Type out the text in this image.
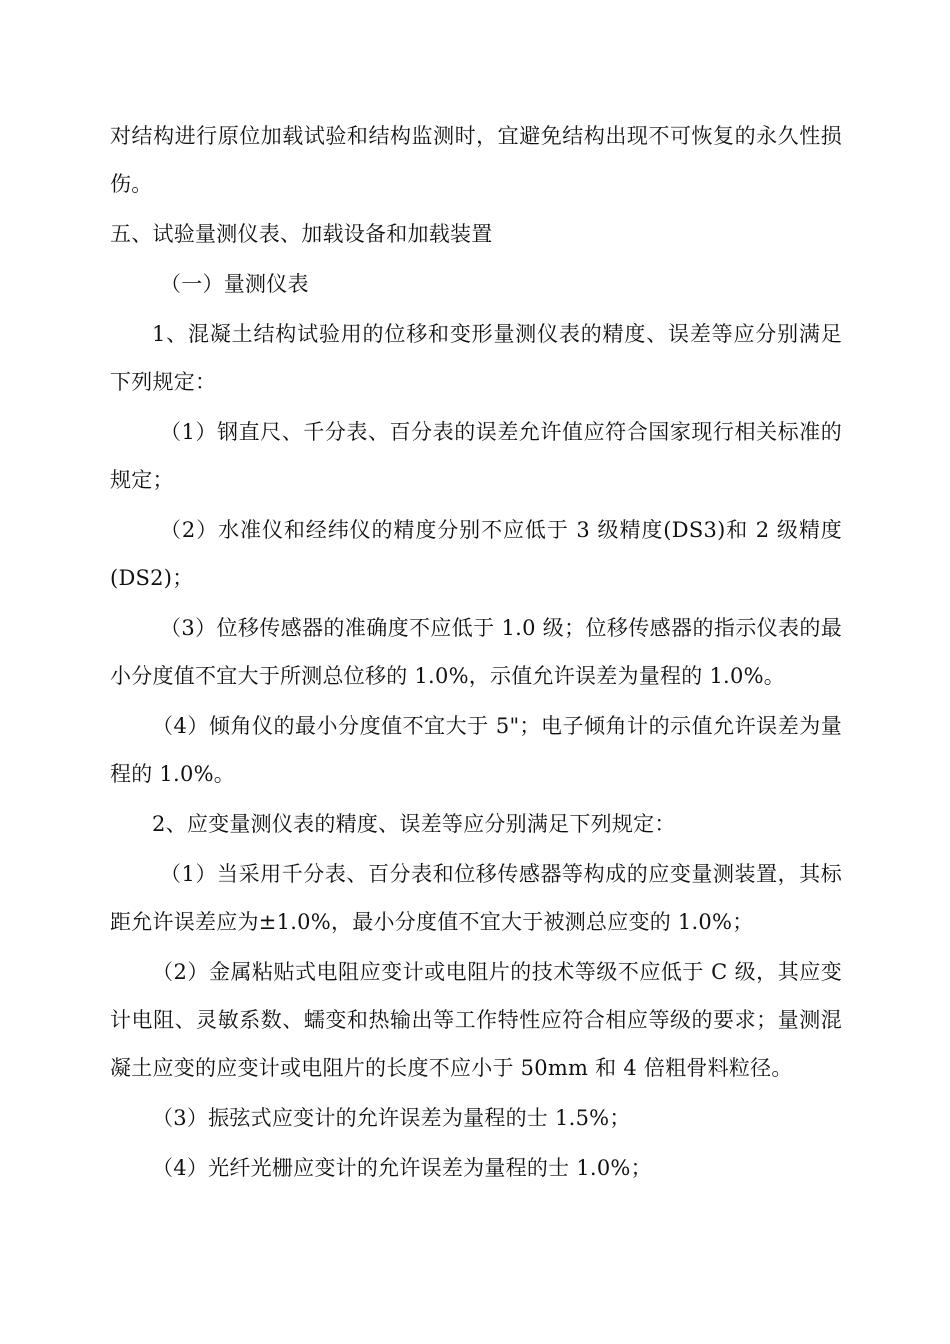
对结构进行原位加载试验和结构监测时，宜避免结构出现不可恢复的永久性损伤。

五、试验量测仪表、加载设备和加载装置

（一）量测仪表

1、混凝土结构试验用的位移和变形量测仪表的精度、误差等应分别满足下列规定：

（1）钢直尺、千分表、百分表的误差允许值应符合国家现行相关标准的规定；

（2）水准仪和经纬仪的精度分别不应低于 3 级精度(DS3)和 2 级精度(DS2)；

（3）位移传感器的准确度不应低于 1.0 级；位移传感器的指示仪表的最小分度值不宜大于所测总位移的 1.0%，示值允许误差为量程的 1.0%。

（4）倾角仪的最小分度值不宜大于 5"；电子倾角计的示值允许误差为量程的 1.0%。

2、应变量测仪表的精度、误差等应分别满足下列规定：

（1）当采用千分表、百分表和位移传感器等构成的应变量测装置，其标距允许误差应为±1.0%，最小分度值不宜大于被测总应变的 1.0%；

（2）金属粘贴式电阻应变计或电阻片的技术等级不应低于 C 级，其应变计电阻、灵敏系数、蠕变和热输出等工作特性应符合相应等级的要求；量测混凝土应变的应变计或电阻片的长度不应小于 50mm 和 4 倍粗骨料粒径。

（3）振弦式应变计的允许误差为量程的士 1.5%；

（4）光纤光栅应变计的允许误差为量程的士 1.0%；
